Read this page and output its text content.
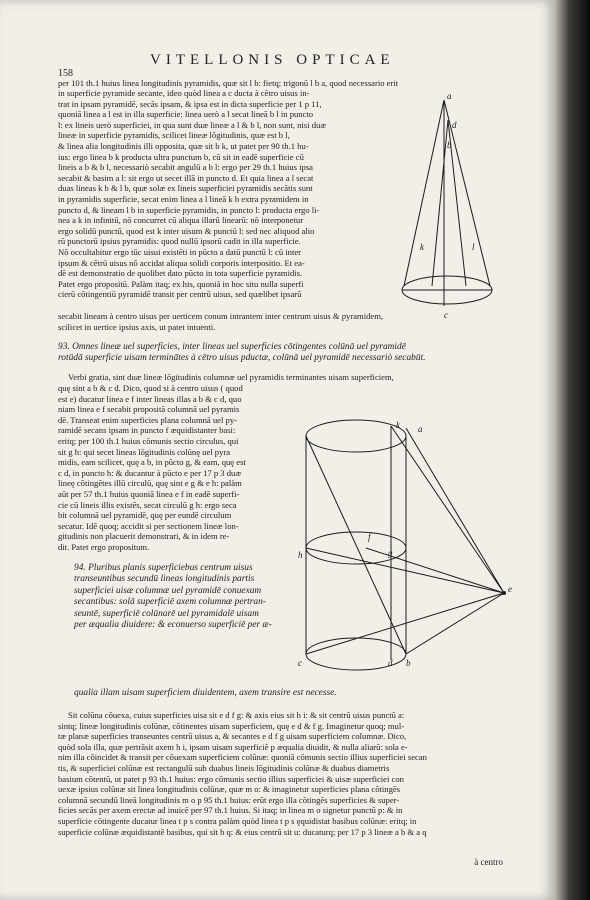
VITELLONIS OPTICAE
158
per 101 th.1 huius linea longitudinis pyramidis, quæ sit l b: fietq; trigonū l b a, quod necessario erit
in superficie pyramide secante, ideo quòd linea a c ducta à cētro uisus in-
trat in ipsam pyramidē, secās ipsam, & ipsa est in dicta superficie per 1 p 11,
quoniā linea a l est in illa superficie: linea uerò a l secat lineā b l in puncto
l: ex lineis uerò superficiei, in qua sunt duæ lineæ a l & b l, non sunt, nisi duæ
lineæ in superficie pyramidis, scilicet lineæ lōgitudinis, quæ est b l,
& linea alia longitudinis illi opposita, quæ sit b k, ut patet per 90 th.1 hu-
ius: ergo linea b k producta ultra punctum b, cū sit in eadē superficie cū
lineis a b & b l, necessariò secabit angulū a b l: ergo per 29 th.1 huius ipsa
secabit & basim a l: sit ergo ut secet illā in puncto d. Et quia linea a l secat
duas lineas k b & l b, quæ solæ ex lineis superficiei pyramidis secātis sunt
in pyramidis superficie, secat enim linea a l lineā k b extra pyramidem in
puncto d, & lineam l b in superficie pyramidis, in puncto l: producta ergo li-
nea a k in infinitū, nō concurret cū aliqua illarū linearū: nō interponetur
ergo solidū punctū, quod est k inter uisum & punctū l: sed nec aliquod alio
rū punctorū ipsius pyramidis: quod nullū ipsorū cadit in illa superficie.
Nō occultabitur ergo tūc uisui existēti in pūcto a datū punctū l: cū inter
ipsum & cētrū uisus nō accidat aliqua solidi corporis interpositio. Et ea-
dē est demonstratio de quolibet dato pūcto in tota superficie pyramidis.
Patet ergo propositū. Palàm itaq; ex his, quoniā in hoc situ nulla superfi
cierū cōtingentiū pyramidē transit per centrū uisus, sed quælibet ipsarū
secabit lineam à centro uisus per uerticem conum intrantem inter centrum uisus & pyramidem,
scilicet in uertice ipsius axis, ut patet intuenti.
a
d
b
k	l
c
93. Omnes lineæ uel superficies, inter lineas uel superficies cōtingentes colūnā uel pyramidē
rotūdā superficie uisam terminātes à cētro uisus pductæ, colūnā uel pyramidē necessariò secabūt.
Verbi gratia, sint duæ lineæ lōgitudinis columnæ uel pyramidis terminantes uisam superficiem,
quę sint a b & c d. Dico, quod si à centro uisus ( quod
est e) ducatur linea e f inter lineas illas a b & c d, quo
niam linea e f secabit propositā columnā uel pyramis
dē. Transeat enim superficies plana columnā uel py-
ramidē secans ipsam in puncto f æquidistanter basi:
eritq; per 100 th.1 huius cōmunis sectio circulus, qui
sit g h: qui secet lineas lōgitudinis colūnę uel pyra
midis, eam scilicet, quę a b, in pūcto g, & eam, quę est
c d, in puncto h: & ducantur à pūcto e per 17 p 3 duæ
lineę cōtingētes illū circulū, quę sint e g & e h: palàm
aūt per 57 th.1 huius quoniā linea e f in eadē superfi-
cie cū lineis illis existēs, secat circulū g h: ergo seca
bit columnā uel pyramidē, quę per eundē circulum
secatur. Idē quoq; accidit si per sectionem lineæ lon-
gitudinis non placuerit demonstrari, & in idem re-
dit. Patet ergo propositum.
94. Pluribus planis superficiebus centrum uisus
transeuntibus secundū lineas longitudinis partis
superficiei uisæ columnæ uel pyramidē conuexam
secantibus: solā superficiē axem columnæ pertran-
seuntē, superficiē colūnarē uel pyramidalē uisam
per æqualia diuidere: & econuerso superficiē per æ-
qualia illam uisam superficiem diuidentem, axem transire est necesse.
a
k
g
f
h
e
b
c	d
Sit colūna cōuexa, cuius superficies uisa sit e d f g: & axis eius sit h i: & sit centrū uisus punctū a:
sintq; lineæ longitudinis colūnæ, cōtinentes uisam superficiem, quę e d & f g. Imaginetur quoq; mul-
tæ planæ superficies transeuntes centrū uisus a, & secantes e d f g uisam superficiem columnæ. Dico,
quòd sola illa, quæ pertrāsit axem h i, ipsam uisam superficiē p æqualia diuidit, & nulla aliarū: sola e-
nim illa cōincidet & transit per cōuexam superficiem colūnæ: quoniā cōmunis sectio illius superficiei secan
tis, & superficiei colūnæ est rectangulū sub duabus lineis lōgitudinis colūnæ & duabus diametris
basium cōtentū, ut patet p 93 th.1 huius: ergo cōmunis sectio illius superficiei & uisæ superficiei con
uexæ ipsius colūnæ sit linea longitudinis colūnæ, quæ m o: & imaginetur superficies plana cōtingēs
columnā secundū lineā longitudinis m o p 95 th.1 huius: erūt ergo illa cōtingēs superficies & super-
ficies secās per axem erectæ ad inuicē per 97 th.1 huius. Si itaq; in linea m o signetur punctū p: & in
superficie cōtingente ducatur linea t p s contra palàm quòd linea t p s ęquidistat basibus colūnæ: eritq; in
superficie colūnæ æquidistantē basibus, qui sit b q: & eius centrū sit u: ducaturq; per 17 p 3 lineæ a b & a q
à centro
